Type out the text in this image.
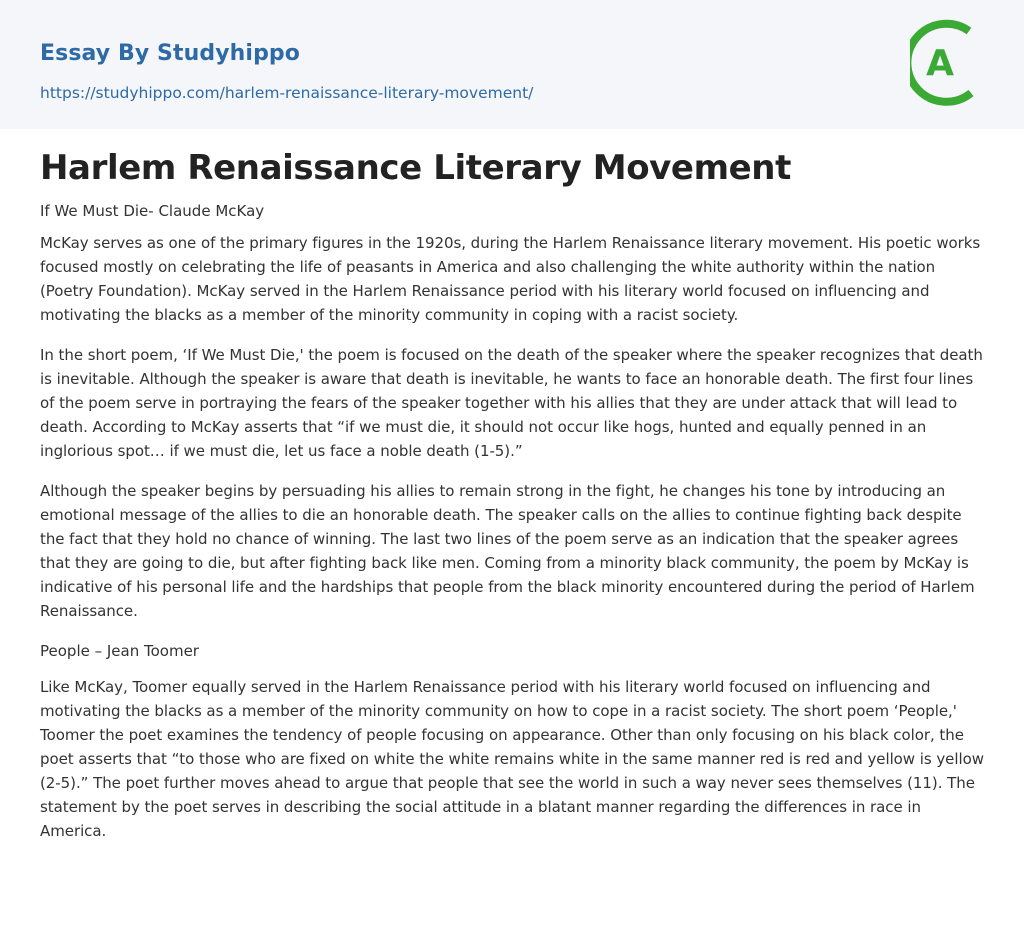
Essay By Studyhippo
https://studyhippo.com/harlem-renaissance-literary-movement/
A
Harlem Renaissance Literary Movement
If We Must Die- Claude McKay

McKay serves as one of the primary figures in the 1920s, during the Harlem Renaissance literary movement. His poetic works focused mostly on celebrating the life of peasants in America and also challenging the white authority within the nation (Poetry Foundation). McKay served in the Harlem Renaissance period with his literary world focused on influencing and motivating the blacks as a member of the minority community in coping with a racist society.

In the short poem, ‘If We Must Die,' the poem is focused on the death of the speaker where the speaker recognizes that death is inevitable. Although the speaker is aware that death is inevitable, he wants to face an honorable death. The first four lines of the poem serve in portraying the fears of the speaker together with his allies that they are under attack that will lead to death. According to McKay asserts that “if we must die, it should not occur like hogs, hunted and equally penned in an inglorious spot… if we must die, let us face a noble death (1-5).”

Although the speaker begins by persuading his allies to remain strong in the fight, he changes his tone by introducing an emotional message of the allies to die an honorable death. The speaker calls on the allies to continue fighting back despite the fact that they hold no chance of winning. The last two lines of the poem serve as an indication that the speaker agrees that they are going to die, but after fighting back like men. Coming from a minority black community, the poem by McKay is indicative of his personal life and the hardships that people from the black minority encountered during the period of Harlem Renaissance.

People – Jean Toomer

Like McKay, Toomer equally served in the Harlem Renaissance period with his literary world focused on influencing and motivating the blacks as a member of the minority community on how to cope in a racist society. The short poem ‘People,' Toomer the poet examines the tendency of people focusing on appearance. Other than only focusing on his black color, the poet asserts that “to those who are fixed on white the white remains white in the same manner red is red and yellow is yellow (2-5).” The poet further moves ahead to argue that people that see the world in such a way never sees themselves (11). The statement by the poet serves in describing the social attitude in a blatant manner regarding the differences in race in America.
